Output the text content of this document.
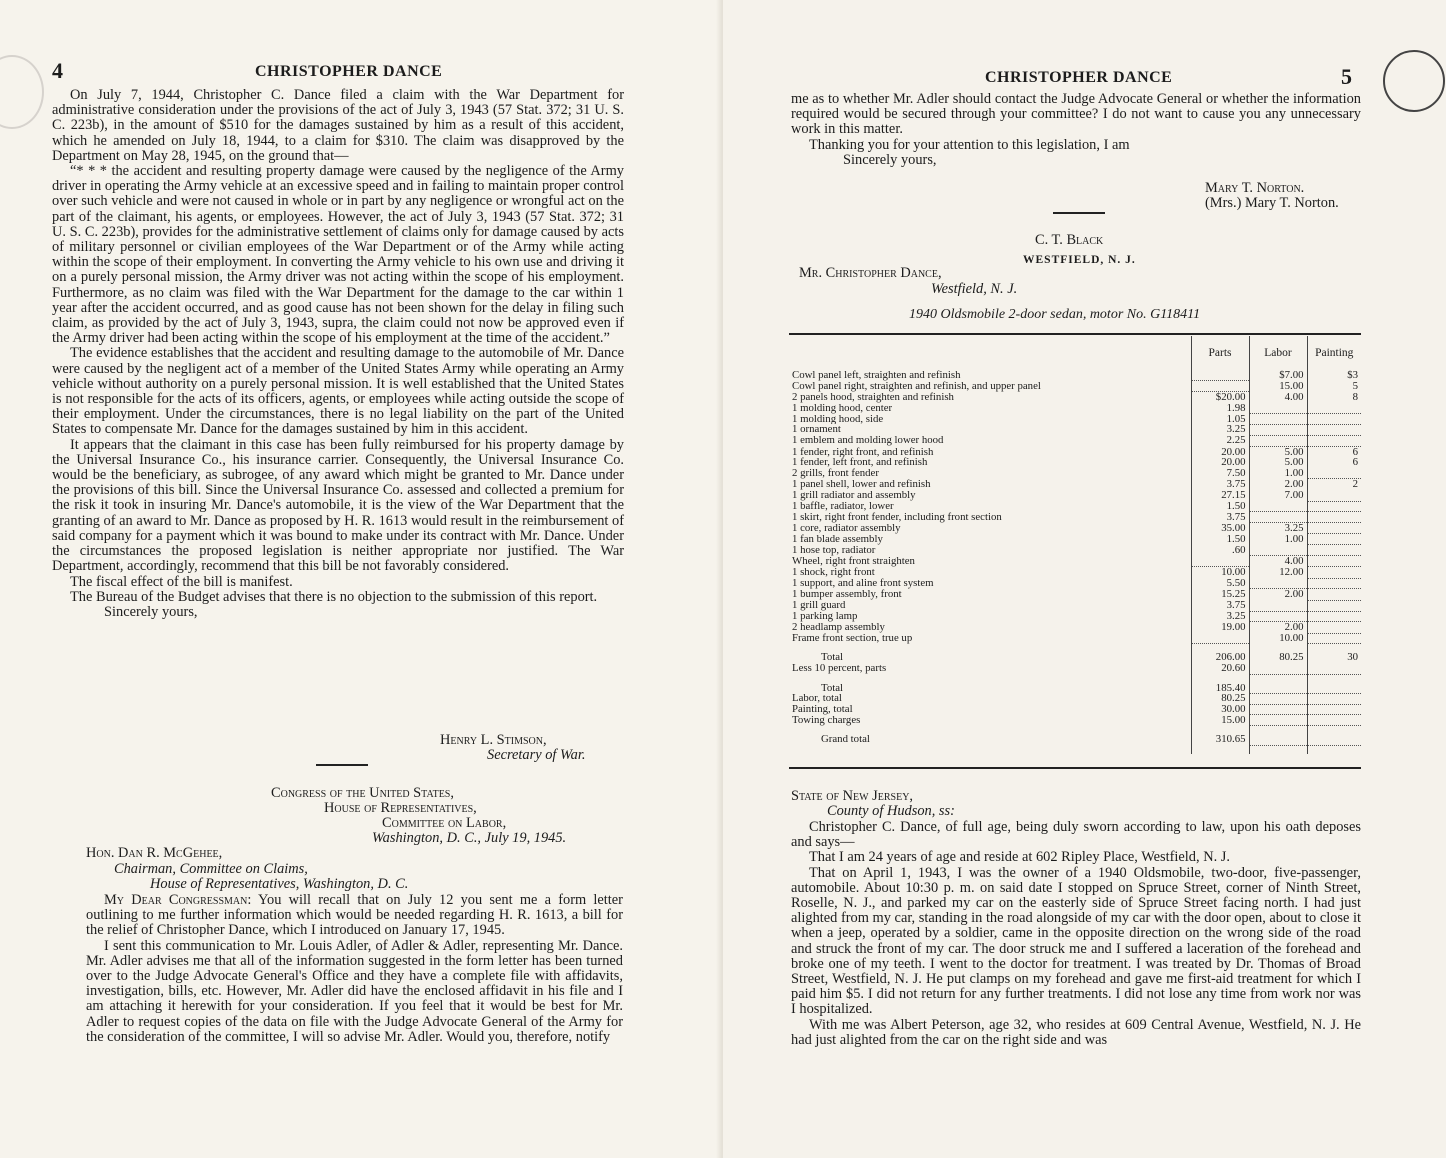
4	CHRISTOPHER DANCE

On July 7, 1944, Christopher C. Dance filed a claim with the War Department for administrative consideration under the provisions of the act of July 3, 1943 (57 Stat. 372; 31 U. S. C. 223b), in the amount of $510 for the damages sustained by him as a result of this accident, which he amended on July 18, 1944, to a claim for $310. The claim was disapproved by the Department on May 28, 1945, on the ground that—

“* * * the accident and resulting property damage were caused by the negligence of the Army driver in operating the Army vehicle at an excessive speed and in failing to maintain proper control over such vehicle and were not caused in whole or in part by any negligence or wrongful act on the part of the claimant, his agents, or employees. However, the act of July 3, 1943 (57 Stat. 372; 31 U. S. C. 223b), provides for the administrative settlement of claims only for damage caused by acts of military personnel or civilian employees of the War Department or of the Army while acting within the scope of their employment. In converting the Army vehicle to his own use and driving it on a purely personal mission, the Army driver was not acting within the scope of his employment. Furthermore, as no claim was filed with the War Department for the damage to the car within 1 year after the accident occurred, and as good cause has not been shown for the delay in filing such claim, as provided by the act of July 3, 1943, supra, the claim could not now be approved even if the Army driver had been acting within the scope of his employment at the time of the accident.”

The evidence establishes that the accident and resulting damage to the automobile of Mr. Dance were caused by the negligent act of a member of the United States Army while operating an Army vehicle without authority on a purely personal mission. It is well established that the United States is not responsible for the acts of its officers, agents, or employees while acting outside the scope of their employment. Under the circumstances, there is no legal liability on the part of the United States to compensate Mr. Dance for the damages sustained by him in this accident.

It appears that the claimant in this case has been fully reimbursed for his property damage by the Universal Insurance Co., his insurance carrier. Consequently, the Universal Insurance Co. would be the beneficiary, as subrogee, of any award which might be granted to Mr. Dance under the provisions of this bill. Since the Universal Insurance Co. assessed and collected a premium for the risk it took in insuring Mr. Dance's automobile, it is the view of the War Department that the granting of an award to Mr. Dance as proposed by H. R. 1613 would result in the reimbursement of said company for a payment which it was bound to make under its contract with Mr. Dance. Under the circumstances the proposed legislation is neither appropriate nor justified. The War Department, accordingly, recommend that this bill be not favorably considered.

The fiscal effect of the bill is manifest.

The Bureau of the Budget advises that there is no objection to the submission of this report.

Sincerely yours,

Henry L. Stimson,
Secretary of War.
Congress of the United States,
House of Representatives,
Committee on Labor,
Washington, D. C., July 19, 1945.
Hon. Dan R. McGehee,
Chairman, Committee on Claims,
House of Representatives, Washington, D. C.

My Dear Congressman: You will recall that on July 12 you sent me a form letter outlining to me further information which would be needed regarding H. R. 1613, a bill for the relief of Christopher Dance, which I introduced on January 17, 1945.

I sent this communication to Mr. Louis Adler, of Adler & Adler, representing Mr. Dance. Mr. Adler advises me that all of the information suggested in the form letter has been turned over to the Judge Advocate General's Office and they have a complete file with affidavits, investigation, bills, etc. However, Mr. Adler did have the enclosed affidavit in his file and I am attaching it herewith for your consideration. If you feel that it would be best for Mr. Adler to request copies of the data on file with the Judge Advocate General of the Army for the consideration of the committee, I will so advise Mr. Adler. Would you, therefore, notify

CHRISTOPHER DANCE	5

me as to whether Mr. Adler should contact the Judge Advocate General or whether the information required would be secured through your committee? I do not want to cause you any unnecessary work in this matter.

Thanking you for your attention to this legislation, I am

Sincerely yours,

Mary T. Norton.
(Mrs.) Mary T. Norton.
C. T. Black
WESTFIELD, N. J.
Mr. Christopher Dance,
Westfield, N. J.
1940 Oldsmobile 2-door sedan, motor No. G118411
	Parts	Labor	Painting
Cowl panel left, straighten and refinish		$7.00	$3
Cowl panel right, straighten and refinish, and upper panel		15.00	5
2 panels hood, straighten and refinish	$20.00	4.00	8
1 molding hood, center	1.98		
1 molding hood, side	1.05		
1 ornament	3.25		
1 emblem and molding lower hood	2.25		
1 fender, right front, and refinish	20.00	5.00	6
1 fender, left front, and refinish	20.00	5.00	6
2 grills, front fender	7.50	1.00	
1 panel shell, lower and refinish	3.75	2.00	2
1 grill radiator and assembly	27.15	7.00	
1 baffle, radiator, lower	1.50		
1 skirt, right front fender, including front section	3.75		
1 core, radiator assembly	35.00	3.25	
1 fan blade assembly	1.50	1.00	
1 hose top, radiator	.60		
Wheel, right front straighten		4.00	
1 shock, right front	10.00	12.00	
1 support, and aline front system	5.50		
1 bumper assembly, front	15.25	2.00	
1 grill guard	3.75		
1 parking lamp	3.25		
2 headlamp assembly	19.00	2.00	
Frame front section, true up		10.00	

Total	206.00	80.25	30
Less 10 percent, parts	20.60		

Total	185.40		
Labor, total	80.25		
Painting, total	30.00		
Towing charges	15.00		

Grand total	310.65		

State of New Jersey,
County of Hudson, ss:

Christopher C. Dance, of full age, being duly sworn according to law, upon his oath deposes and says—

That I am 24 years of age and reside at 602 Ripley Place, Westfield, N. J.

That on April 1, 1943, I was the owner of a 1940 Oldsmobile, two-door, five-passenger, automobile. About 10:30 p. m. on said date I stopped on Spruce Street, corner of Ninth Street, Roselle, N. J., and parked my car on the easterly side of Spruce Street facing north. I had just alighted from my car, standing in the road alongside of my car with the door open, about to close it when a jeep, operated by a soldier, came in the opposite direction on the wrong side of the road and struck the front of my car. The door struck me and I suffered a laceration of the forehead and broke one of my teeth. I went to the doctor for treatment. I was treated by Dr. Thomas of Broad Street, Westfield, N. J. He put clamps on my forehead and gave me first-aid treatment for which I paid him $5. I did not return for any further treatments. I did not lose any time from work nor was I hospitalized.

With me was Albert Peterson, age 32, who resides at 609 Central Avenue, Westfield, N. J. He had just alighted from the car on the right side and was
